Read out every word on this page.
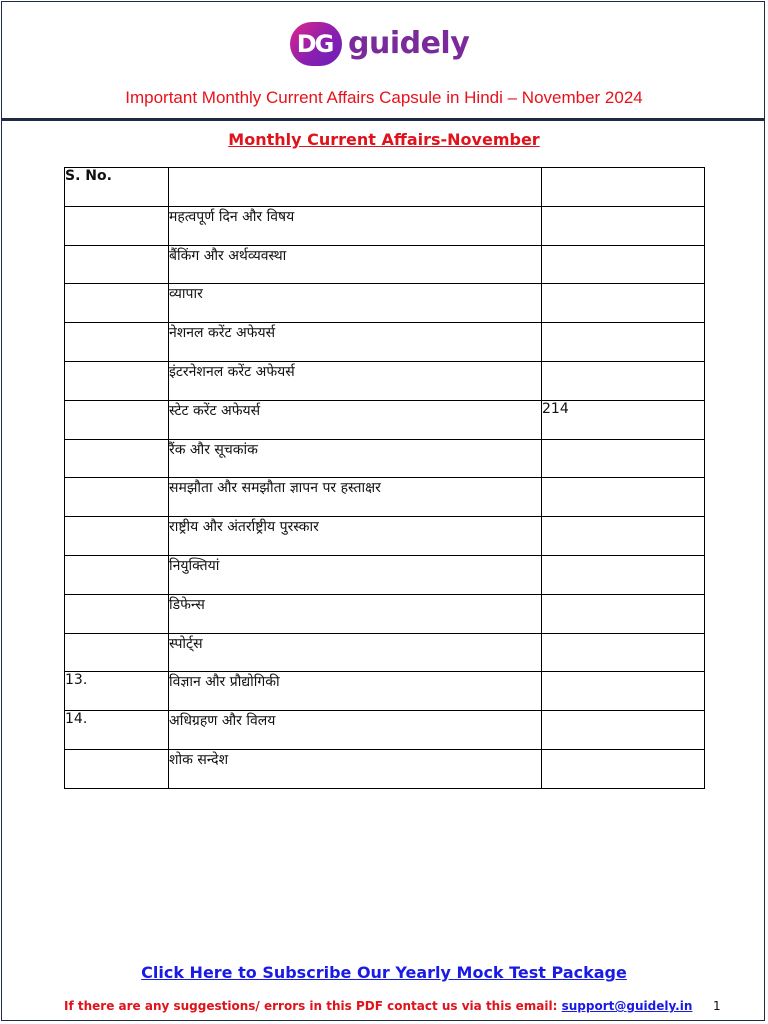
DG guidely
Important Monthly Current Affairs Capsule in Hindi – November 2024
Monthly Current Affairs-November
S. No.		
	महत्वपूर्ण दिन और विषय	
	बैंकिंग और अर्थव्यवस्था	
	व्यापार	
	नेशनल करेंट अफेयर्स	
	इंटरनेशनल करेंट अफेयर्स	
	स्टेट करेंट अफेयर्स	214
	रैंक और सूचकांक	
	समझौता और समझौता ज्ञापन पर हस्ताक्षर	
	राष्ट्रीय और अंतर्राष्ट्रीय पुरस्कार	
	नियुक्तियां	
	डिफेन्स	
	स्पोर्ट्स	
13.	विज्ञान और प्रौद्योगिकी	
14.	अधिग्रहण और विलय	
	शोक सन्देश	
Click Here to Subscribe Our Yearly Mock Test Package
If there are any suggestions/ errors in this PDF contact us via this email: support@guidely.in 1
